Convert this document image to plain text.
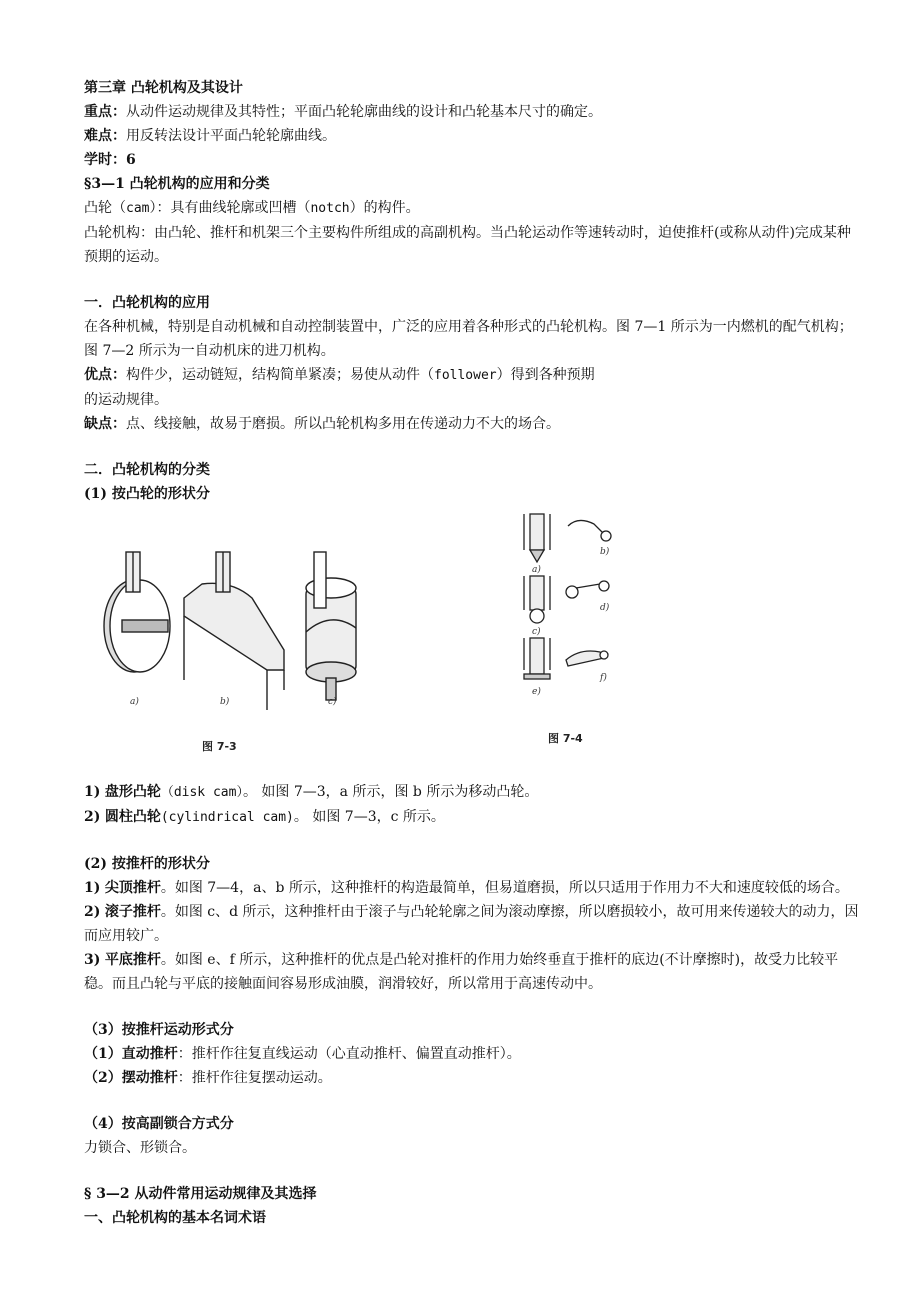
第三章 凸轮机构及其设计
重点：从动件运动规律及其特性；平面凸轮轮廓曲线的设计和凸轮基本尺寸的确定。
难点：用反转法设计平面凸轮轮廓曲线。
学时：6
§3—1 凸轮机构的应用和分类
凸轮（cam）：具有曲线轮廓或凹槽（notch）的构件。
凸轮机构：由凸轮、推杆和机架三个主要构件所组成的高副机构。当凸轮运动作等速转动时，迫使推杆(或称从动件)完成某种预期的运动。
一．凸轮机构的应用
在各种机械，特别是自动机械和自动控制装置中，广泛的应用着各种形式的凸轮机构。图 7—1 所示为一内燃机的配气机构； 图 7—2 所示为一自动机床的进刀机构。
优点：构件少，运动链短，结构简单紧凑；易使从动件（follower）得到各种预期
的运动规律。
缺点：点、线接触，故易于磨损。所以凸轮机构多用在传递动力不大的场合。
二．凸轮机构的分类
(1) 按凸轮的形状分
a)	b)	c)
图 7-3
a)
b)
c)
d)
e)
f)
图 7-4
1) 盘形凸轮（disk cam）。 如图 7—3，a 所示，图 b 所示为移动凸轮。
2) 圆柱凸轮(cylindrical cam)。 如图 7—3，c 所示。
(2) 按推杆的形状分
1) 尖顶推杆。如图 7—4，a、b 所示，这种推杆的构造最简单，但易道磨损，所以只适用于作用力不大和速度较低的场合。
2) 滚子推杆。如图 c、d 所示，这种推杆由于滚子与凸轮轮廓之间为滚动摩擦，所以磨损较小，故可用来传递较大的动力，因而应用较广。
3) 平底推杆。如图 e、f 所示，这种推杆的优点是凸轮对推杆的作用力始终垂直于推杆的底边(不计摩擦时)，故受力比较平稳。而且凸轮与平底的接触面间容易形成油膜，润滑较好，所以常用于高速传动中。
（3）按推杆运动形式分
（1）直动推杆：推杆作往复直线运动（心直动推杆、偏置直动推杆）。
（2）摆动推杆：推杆作往复摆动运动。
（4）按高副锁合方式分
力锁合、形锁合。
§ 3—2 从动件常用运动规律及其选择
一、凸轮机构的基本名词术语
